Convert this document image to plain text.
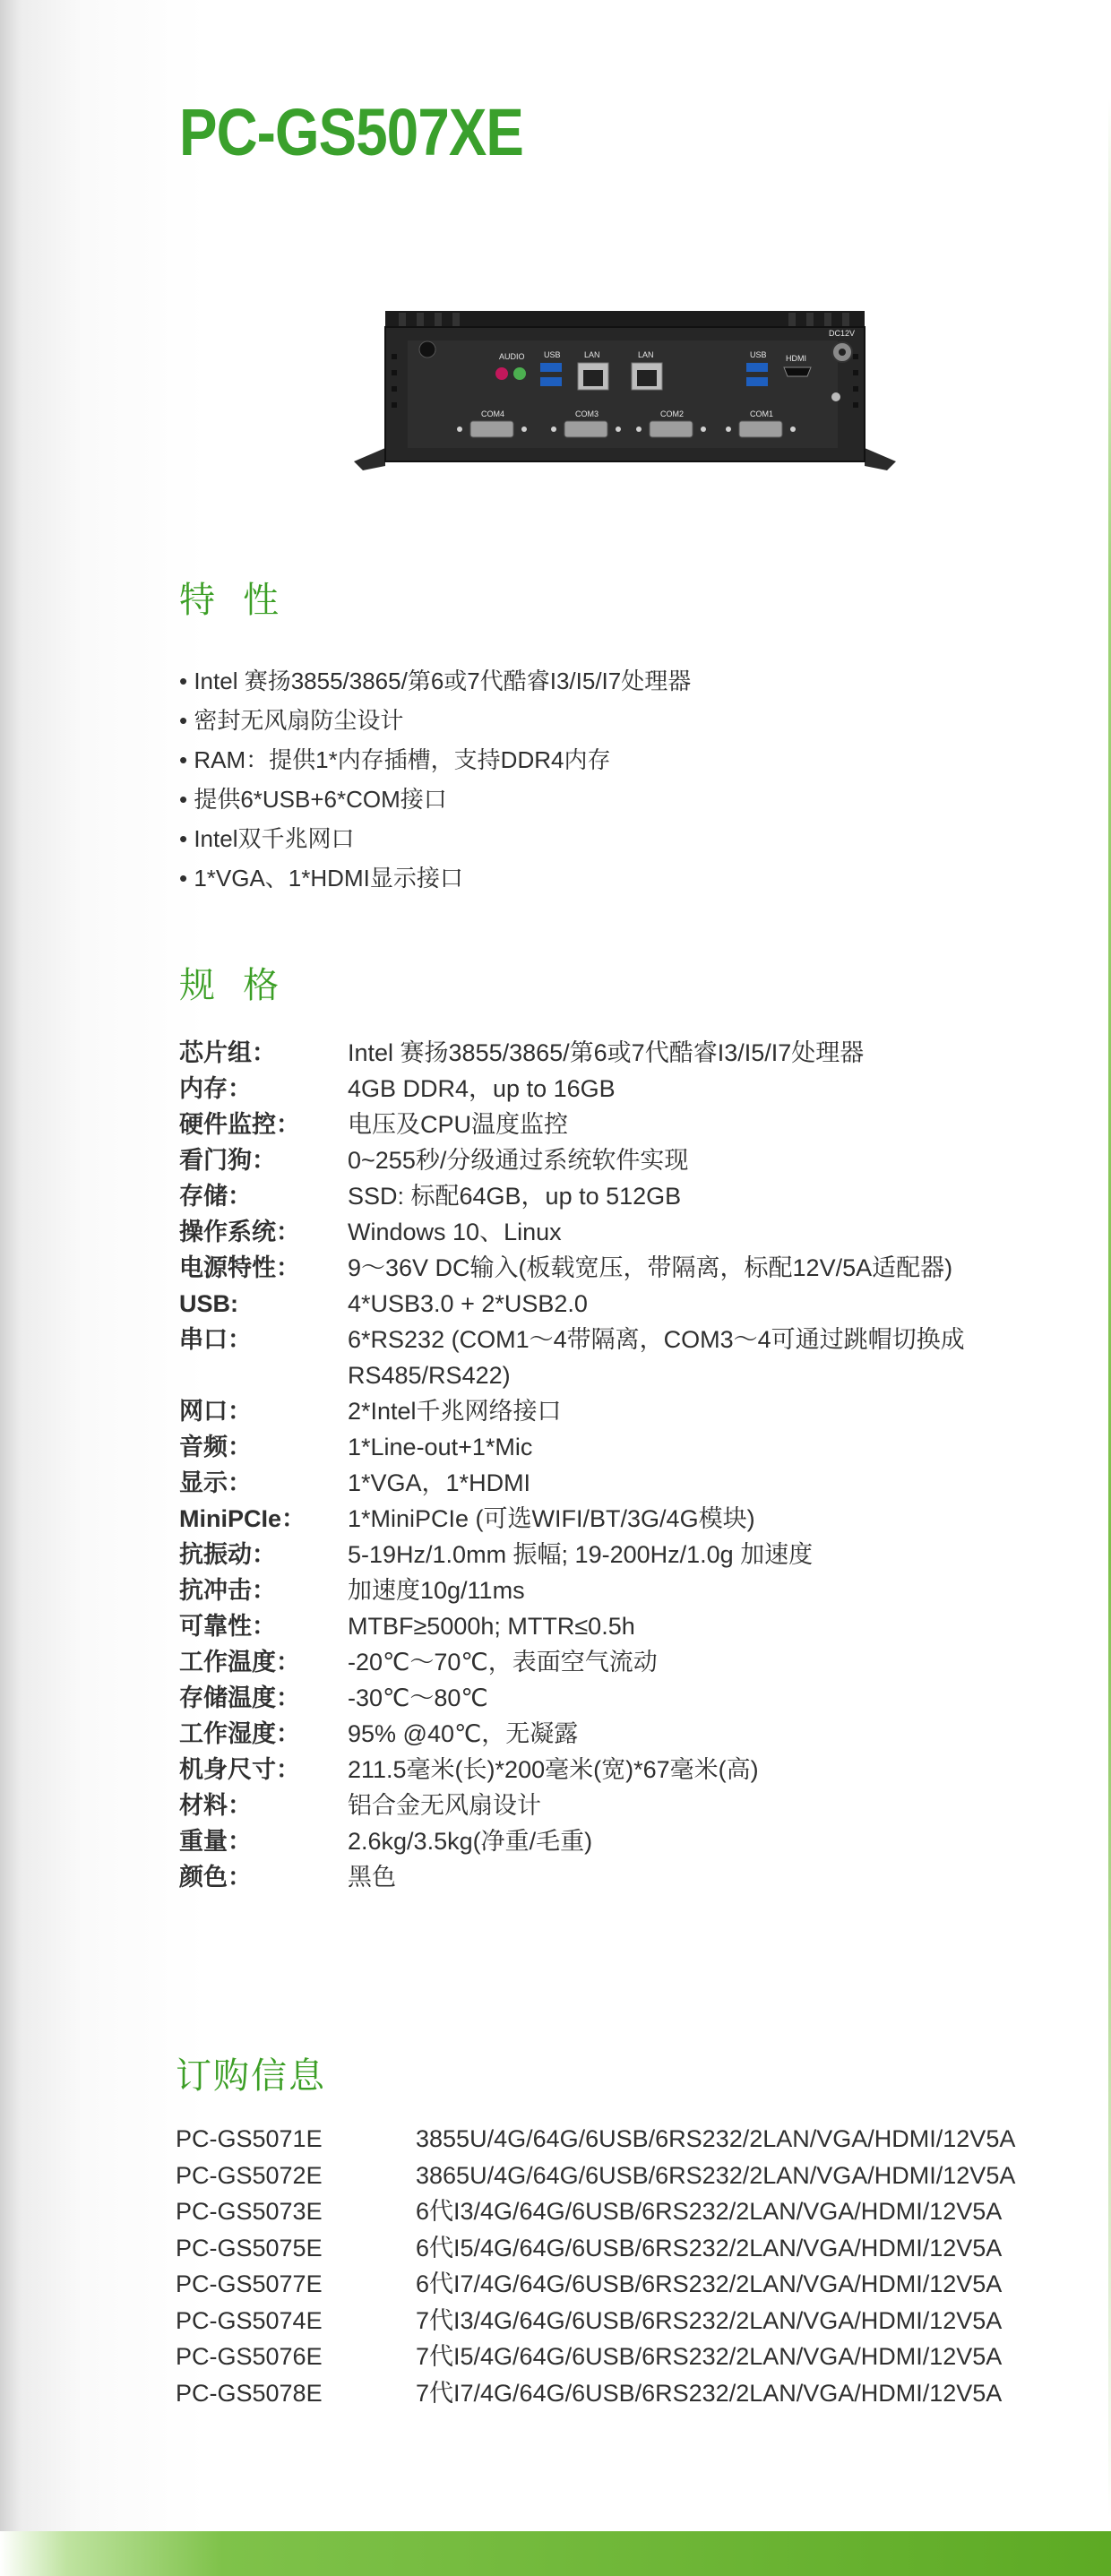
PC-GS507XE
AUDIO USB	LAN	LAN	USB HDMI
DC12V
COM4	COM3	COM2	COM1
特 性
• Intel 赛扬3855/3865/第6或7代酷睿I3/I5/I7处理器
• 密封无风扇防尘设计
• RAM：提供1*内存插槽，支持DDR4内存
• 提供6*USB+6*COM接口
• Intel双千兆网口
• 1*VGA、1*HDMI显示接口
规 格
芯片组：	Intel 赛扬3855/3865/第6或7代酷睿I3/I5/I7处理器
内存：	4GB DDR4，up to 16GB
硬件监控：	电压及CPU温度监控
看门狗：	0~255秒/分级通过系统软件实现
存储：	SSD: 标配64GB，up to 512GB
操作系统：	Windows 10、Linux
电源特性：	9～36V DC输入(板载宽压，带隔离，标配12V/5A适配器)
USB:	4*USB3.0 + 2*USB2.0
串口：	6*RS232 (COM1～4带隔离，COM3～4可通过跳帽切换成
RS485/RS422)
网口：	2*Intel千兆网络接口
音频：	1*Line-out+1*Mic
显示：	1*VGA，1*HDMI
MiniPCIe：	1*MiniPCIe (可选WIFI/BT/3G/4G模块)
抗振动：	5-19Hz/1.0mm 振幅; 19-200Hz/1.0g 加速度
抗冲击：	加速度10g/11ms
可靠性：	MTBF≥5000h; MTTR≤0.5h
工作温度：	-20℃～70℃，表面空气流动
存储温度：	-30℃～80℃
工作湿度：	95% @40℃，无凝露
机身尺寸：	211.5毫米(长)*200毫米(宽)*67毫米(高)
材料：	铝合金无风扇设计
重量：	2.6kg/3.5kg(净重/毛重)
颜色：	黑色
订购信息
PC-GS5071E	3855U/4G/64G/6USB/6RS232/2LAN/VGA/HDMI/12V5A
PC-GS5072E	3865U/4G/64G/6USB/6RS232/2LAN/VGA/HDMI/12V5A
PC-GS5073E	6代I3/4G/64G/6USB/6RS232/2LAN/VGA/HDMI/12V5A
PC-GS5075E	6代I5/4G/64G/6USB/6RS232/2LAN/VGA/HDMI/12V5A
PC-GS5077E	6代I7/4G/64G/6USB/6RS232/2LAN/VGA/HDMI/12V5A
PC-GS5074E	7代I3/4G/64G/6USB/6RS232/2LAN/VGA/HDMI/12V5A
PC-GS5076E	7代I5/4G/64G/6USB/6RS232/2LAN/VGA/HDMI/12V5A
PC-GS5078E	7代I7/4G/64G/6USB/6RS232/2LAN/VGA/HDMI/12V5A
